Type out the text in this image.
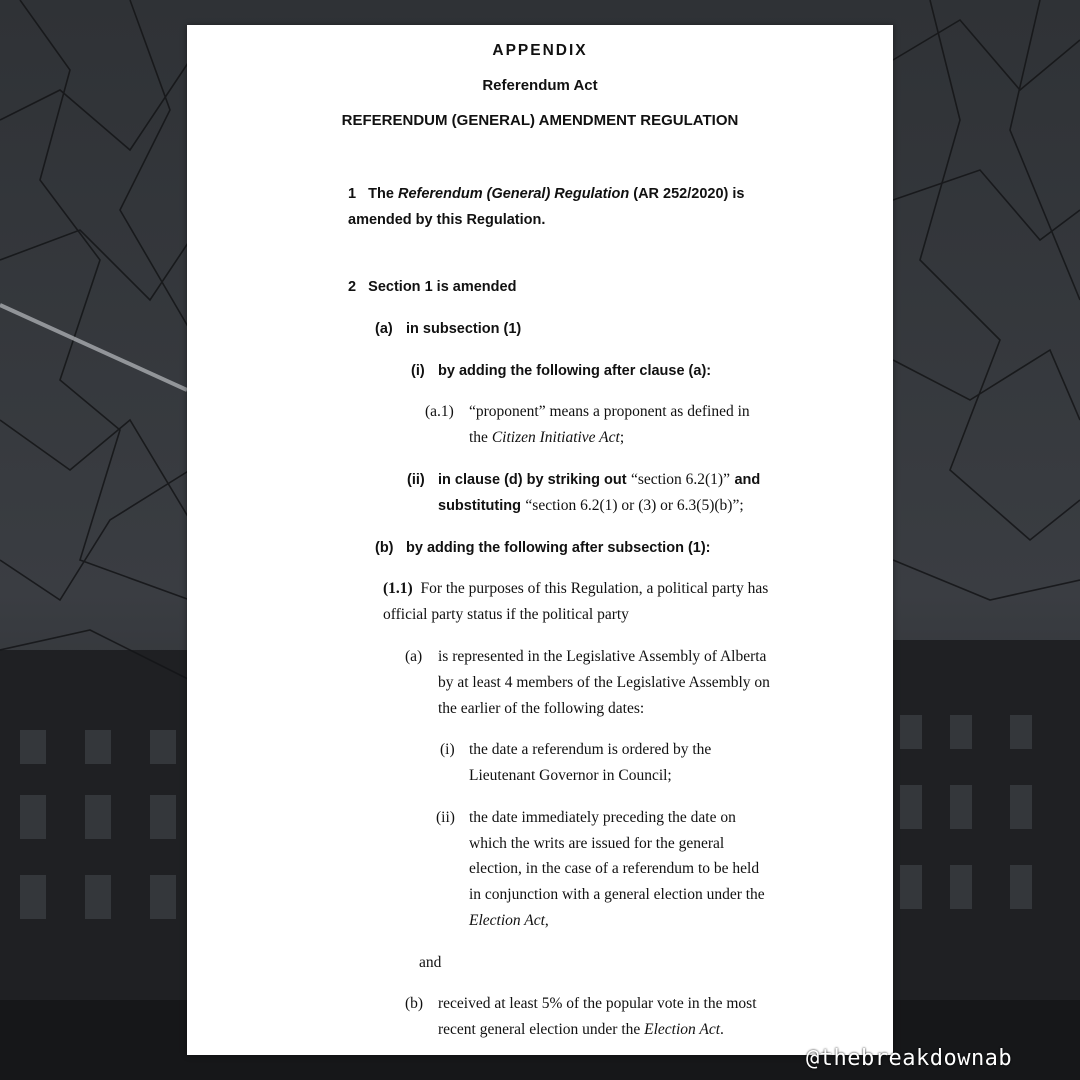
APPENDIX
Referendum Act
REFERENDUM (GENERAL) AMENDMENT REGULATION
1 The Referendum (General) Regulation (AR 252/2020) is
amended by this Regulation.
2 Section 1 is amended
(a) in subsection (1)
(i) by adding the following after clause (a):
(a.1) “proponent” means a proponent as defined in
the Citizen Initiative Act;
(ii) in clause (d) by striking out “section 6.2(1)” and
substituting “section 6.2(1) or (3) or 6.3(5)(b)”;
(b) by adding the following after subsection (1):
(1.1) For the purposes of this Regulation, a political party has
official party status if the political party
(a) is represented in the Legislative Assembly of Alberta
by at least 4 members of the Legislative Assembly on
the earlier of the following dates:
(i) the date a referendum is ordered by the
Lieutenant Governor in Council;
(ii) the date immediately preceding the date on
which the writs are issued for the general
election, in the case of a referendum to be held
in conjunction with a general election under the
Election Act,
and
(b) received at least 5% of the popular vote in the most
recent general election under the Election Act.
@thebreakdownab
